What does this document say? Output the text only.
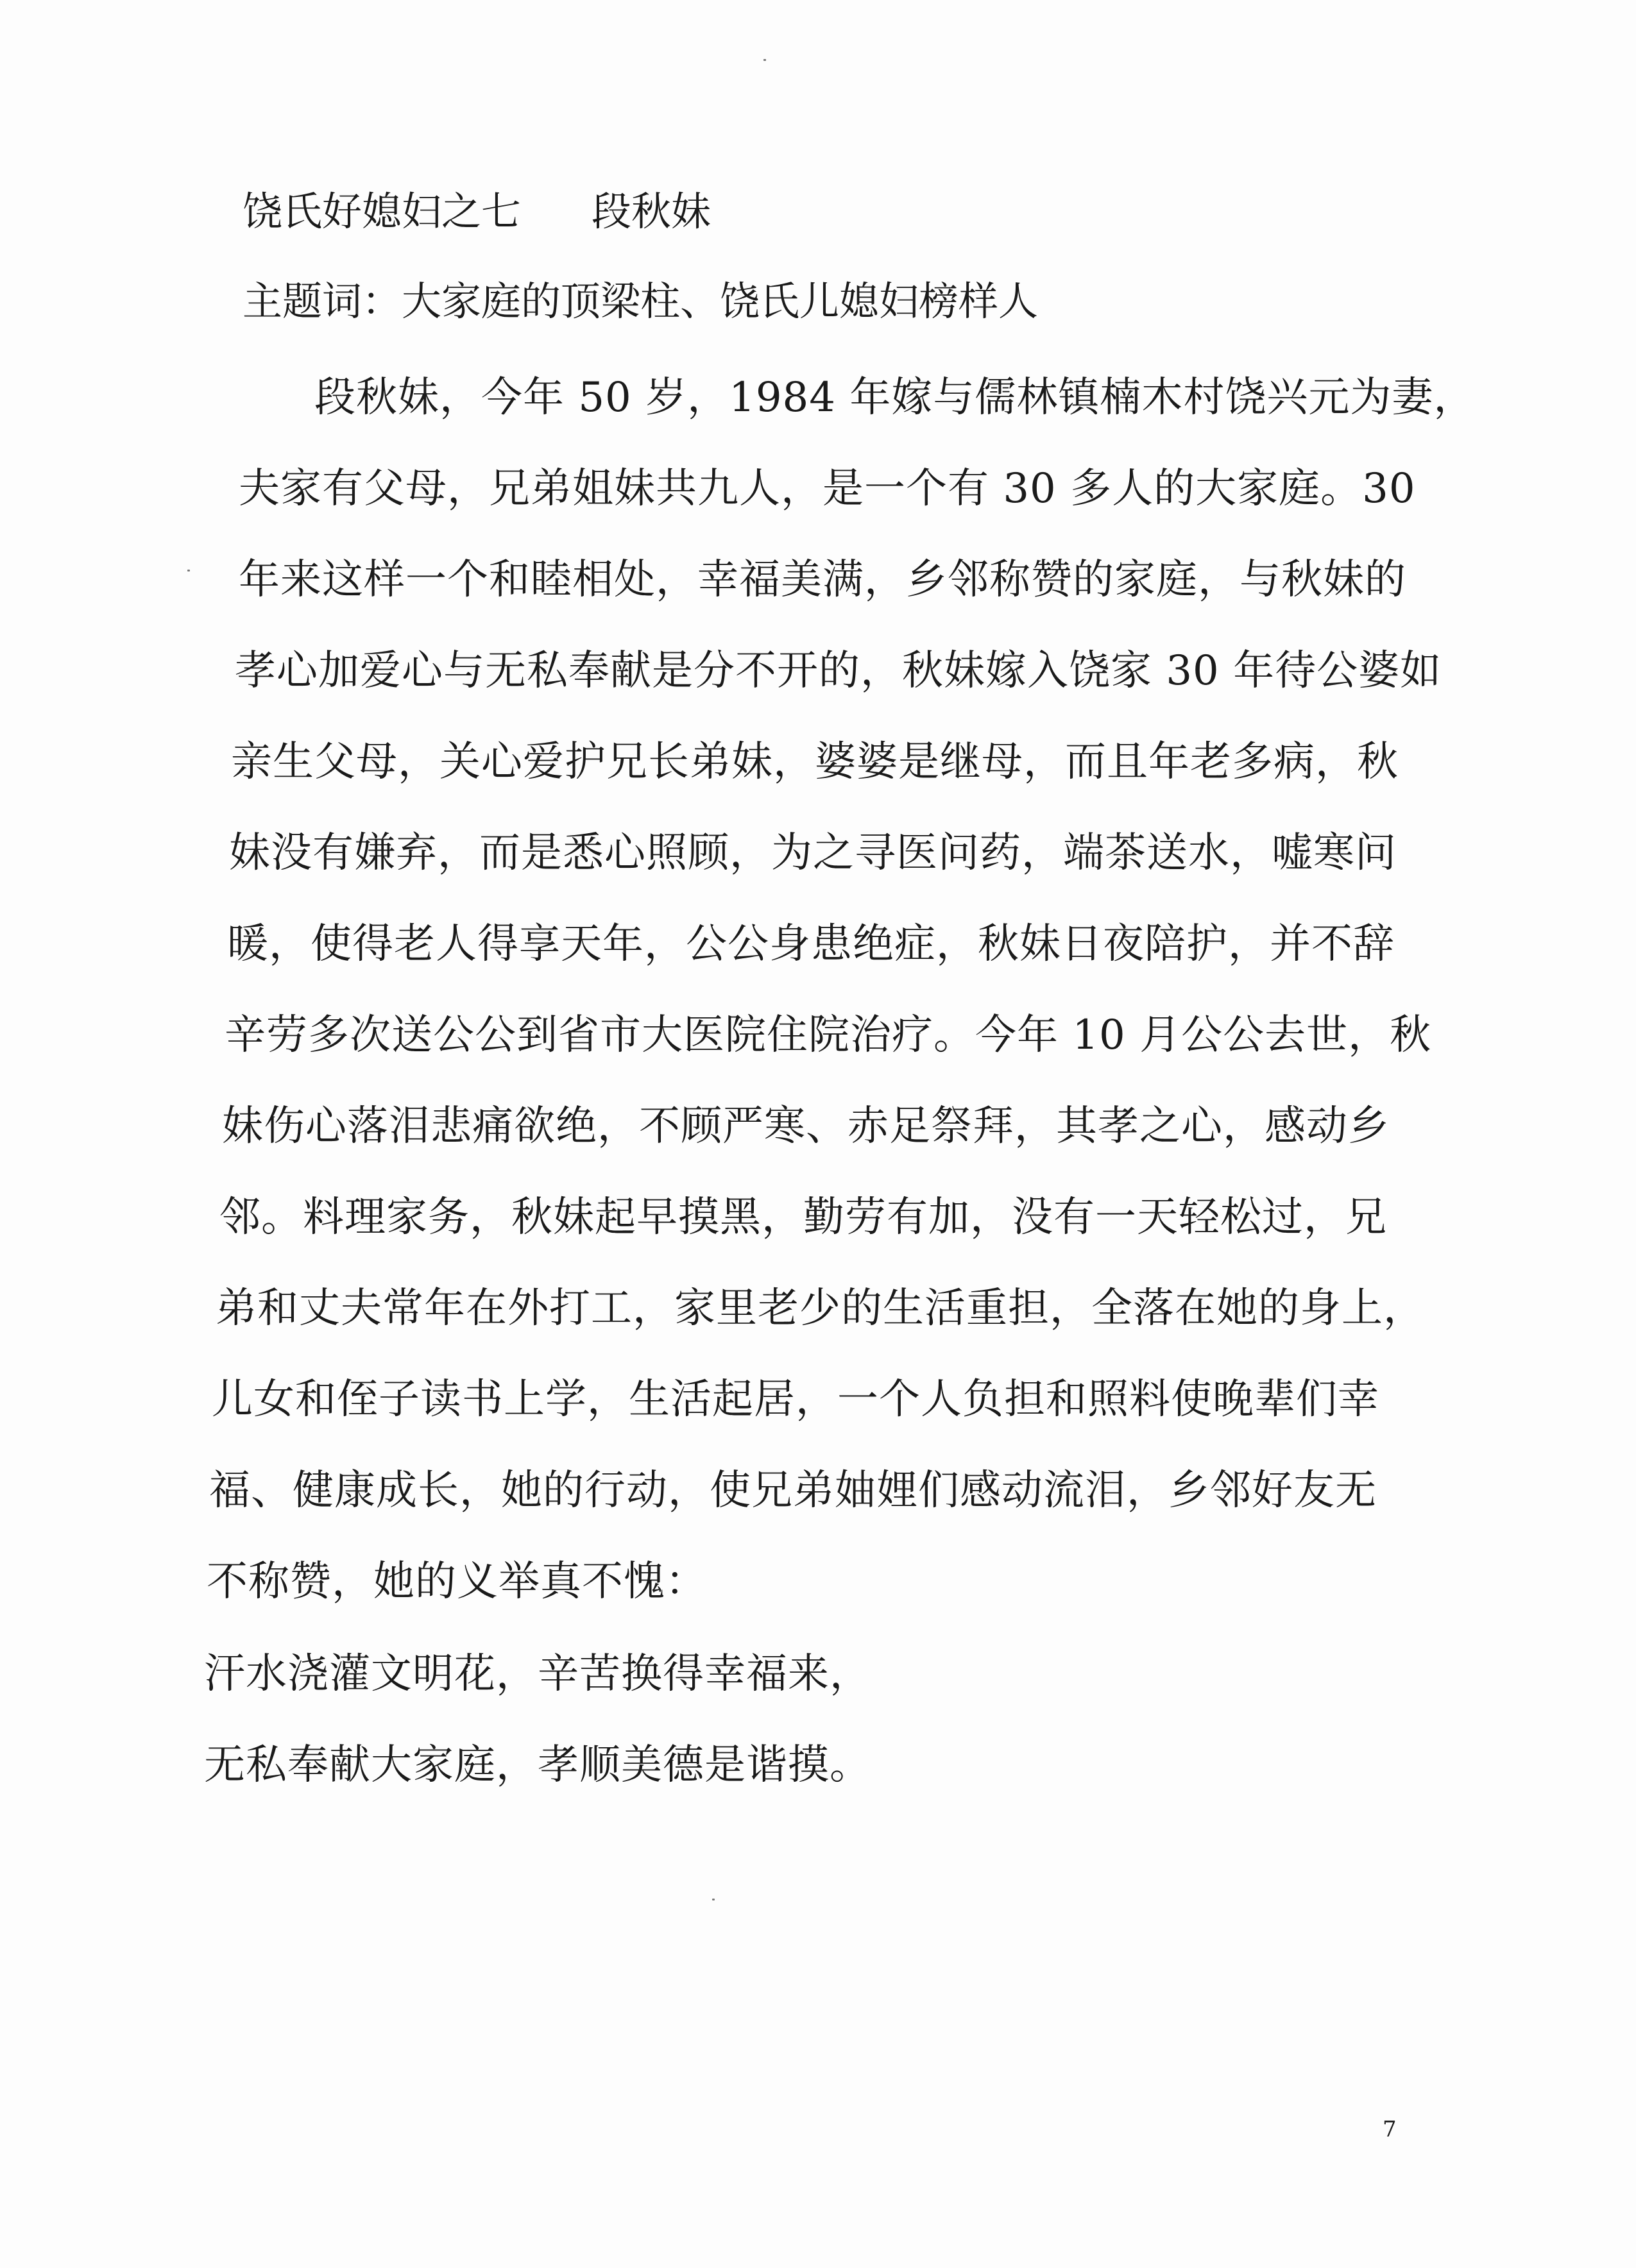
饶氏好媳妇之七 段秋妹
主题词：大家庭的顶梁柱、饶氏儿媳妇榜样人
段秋妹，今年 50 岁，1984 年嫁与儒林镇楠木村饶兴元为妻，
夫家有父母，兄弟姐妹共九人，是一个有 30 多人的大家庭。30
年来这样一个和睦相处，幸福美满，乡邻称赞的家庭，与秋妹的
孝心加爱心与无私奉献是分不开的，秋妹嫁入饶家 30 年待公婆如
亲生父母，关心爱护兄长弟妹，婆婆是继母，而且年老多病，秋
妹没有嫌弃，而是悉心照顾，为之寻医问药，端茶送水，嘘寒问
暖，使得老人得享天年，公公身患绝症，秋妹日夜陪护，并不辞
辛劳多次送公公到省市大医院住院治疗。今年 10 月公公去世，秋
妹伤心落泪悲痛欲绝，不顾严寒、赤足祭拜，其孝之心，感动乡
邻。料理家务，秋妹起早摸黑，勤劳有加，没有一天轻松过，兄
弟和丈夫常年在外打工，家里老少的生活重担，全落在她的身上，
儿女和侄子读书上学，生活起居，一个人负担和照料使晚辈们幸
福、健康成长，她的行动，使兄弟妯娌们感动流泪，乡邻好友无
不称赞，她的义举真不愧：
汗水浇灌文明花，辛苦换得幸福来，
无私奉献大家庭，孝顺美德是谐摸。
7
